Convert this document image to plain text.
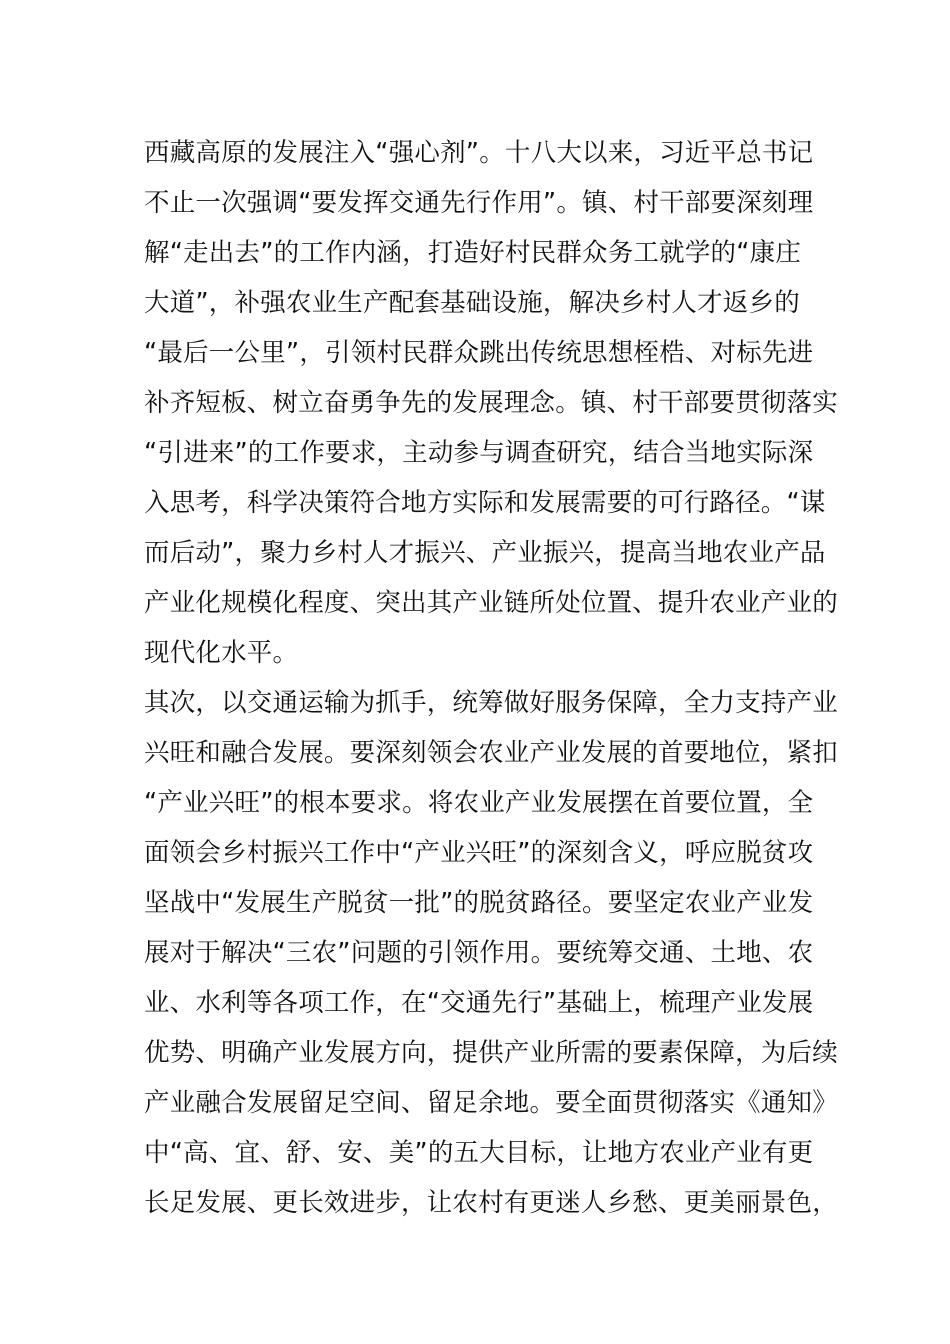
西藏高原的发展注入“强心剂”。十八大以来，习近平总书记
不止一次强调“要发挥交通先行作用”。镇、村干部要深刻理
解“走出去”的工作内涵，打造好村民群众务工就学的“康庄
大道”，补强农业生产配套基础设施，解决乡村人才返乡的
“最后一公里”，引领村民群众跳出传统思想桎梏、对标先进
补齐短板、树立奋勇争先的发展理念。镇、村干部要贯彻落实
“引进来”的工作要求，主动参与调查研究，结合当地实际深
入思考，科学决策符合地方实际和发展需要的可行路径。“谋
而后动”，聚力乡村人才振兴、产业振兴，提高当地农业产品
产业化规模化程度、突出其产业链所处位置、提升农业产业的
现代化水平。
其次，以交通运输为抓手，统筹做好服务保障，全力支持产业
兴旺和融合发展。要深刻领会农业产业发展的首要地位，紧扣
“产业兴旺”的根本要求。将农业产业发展摆在首要位置，全
面领会乡村振兴工作中“产业兴旺”的深刻含义，呼应脱贫攻
坚战中“发展生产脱贫一批”的脱贫路径。要坚定农业产业发
展对于解决“三农”问题的引领作用。要统筹交通、土地、农
业、水利等各项工作，在“交通先行”基础上，梳理产业发展
优势、明确产业发展方向，提供产业所需的要素保障，为后续
产业融合发展留足空间、留足余地。要全面贯彻落实《通知》
中“高、宜、舒、安、美”的五大目标，让地方农业产业有更
长足发展、更长效进步，让农村有更迷人乡愁、更美丽景色，
